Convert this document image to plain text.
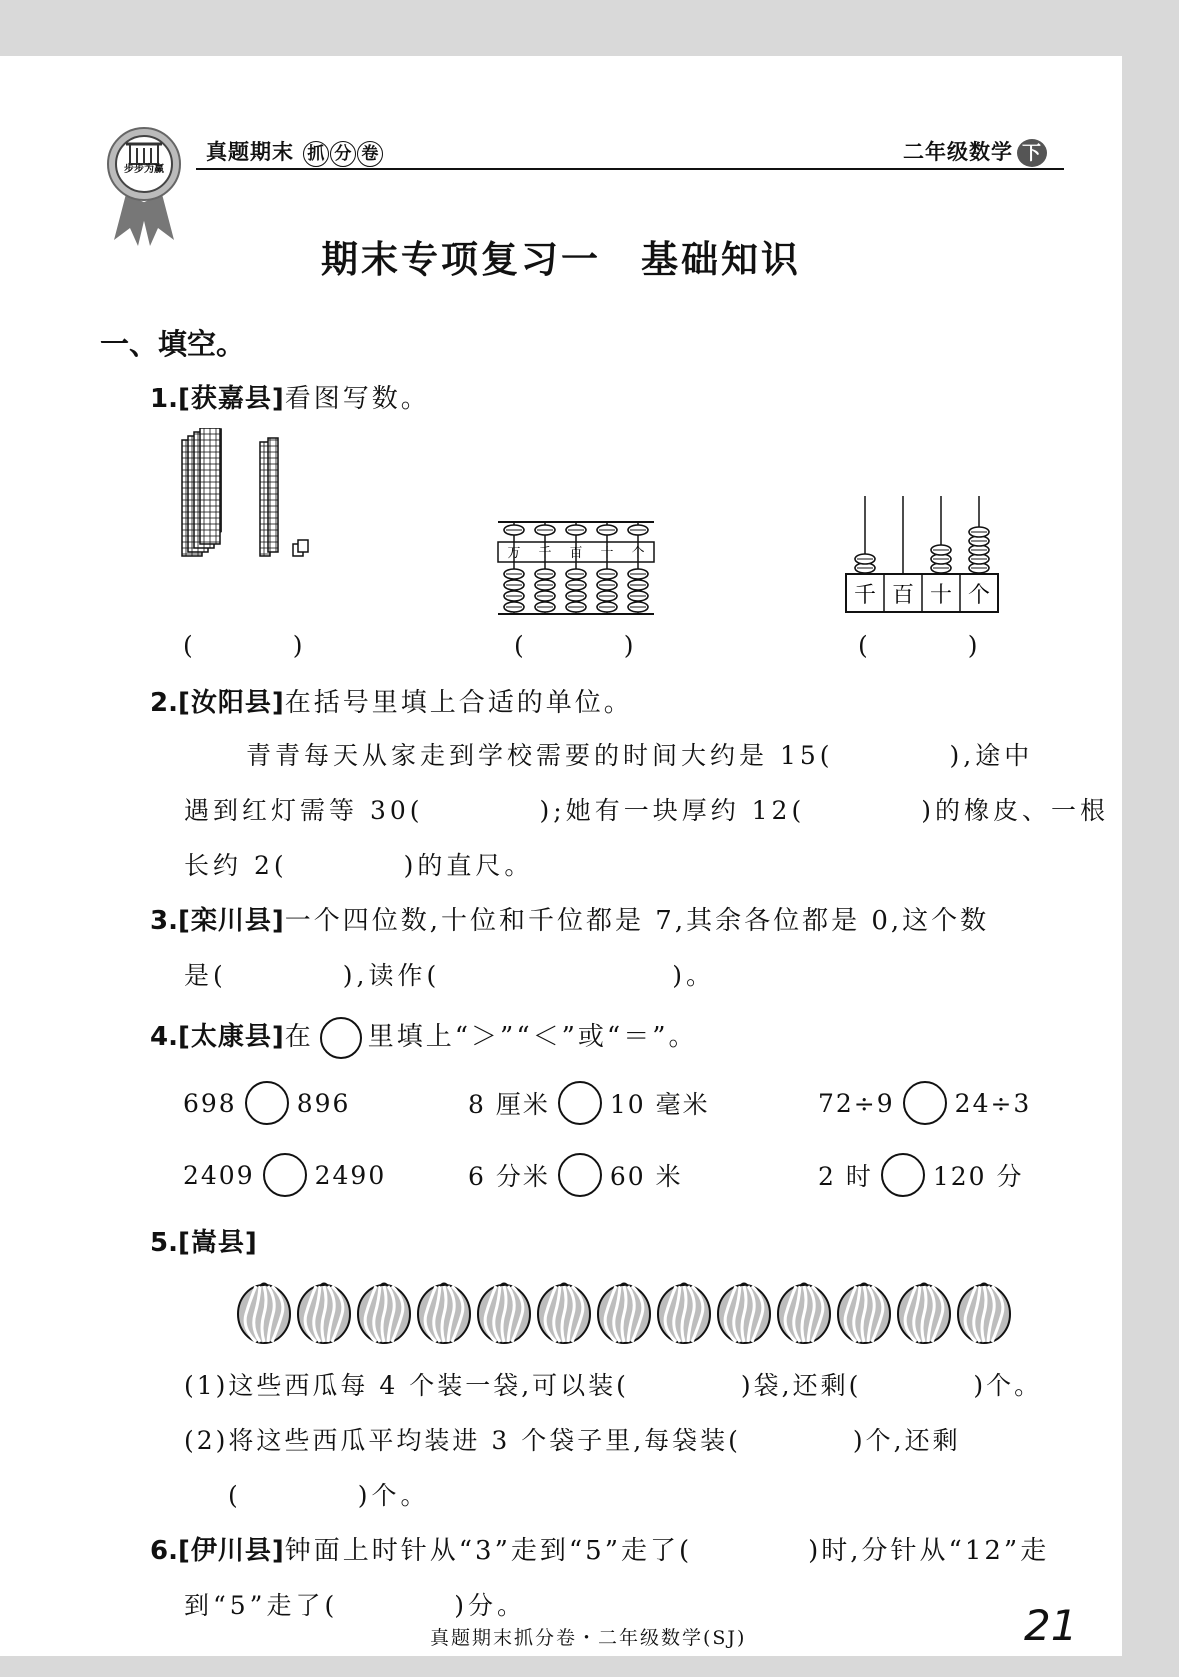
步步为赢
真题期末 抓 分 卷	二年级数学 下
期末专项复习一　基础知识
一、填空。
1.[获嘉县]看图写数。
万 千 百 十 个
千 百 十 个
(　　　　)	(　　　　)	(　　　　)
2.[汝阳县]在括号里填上合适的单位。
青青每天从家走到学校需要的时间大约是 15(　　　　),途中
遇到红灯需等 30(　　　　);她有一块厚约 12(　　　　)的橡皮、一根
长约 2(　　　　)的直尺。
3.[栾川县]一个四位数,十位和千位都是 7,其余各位都是 0,这个数
是(　　　　),读作(　　　　　　　　)。
4.[太康县]在 里填上“＞”“＜”或“＝”。
698 896	8 厘米 10 毫米	72÷9 24÷3
2409 2490	6 分米 60 米	2 时 120 分
5.[嵩县]
(1)这些西瓜每 4 个装一袋,可以装(　　　　)袋,还剩(　　　　)个。
(2)将这些西瓜平均装进 3 个袋子里,每袋装(　　　　)个,还剩
(　　　　)个。
6.[伊川县]钟面上时针从“3”走到“5”走了(　　　　)时,分针从“12”走
到“5”走了(　　　　)分。
真题期末抓分卷・二年级数学(SJ)	21
